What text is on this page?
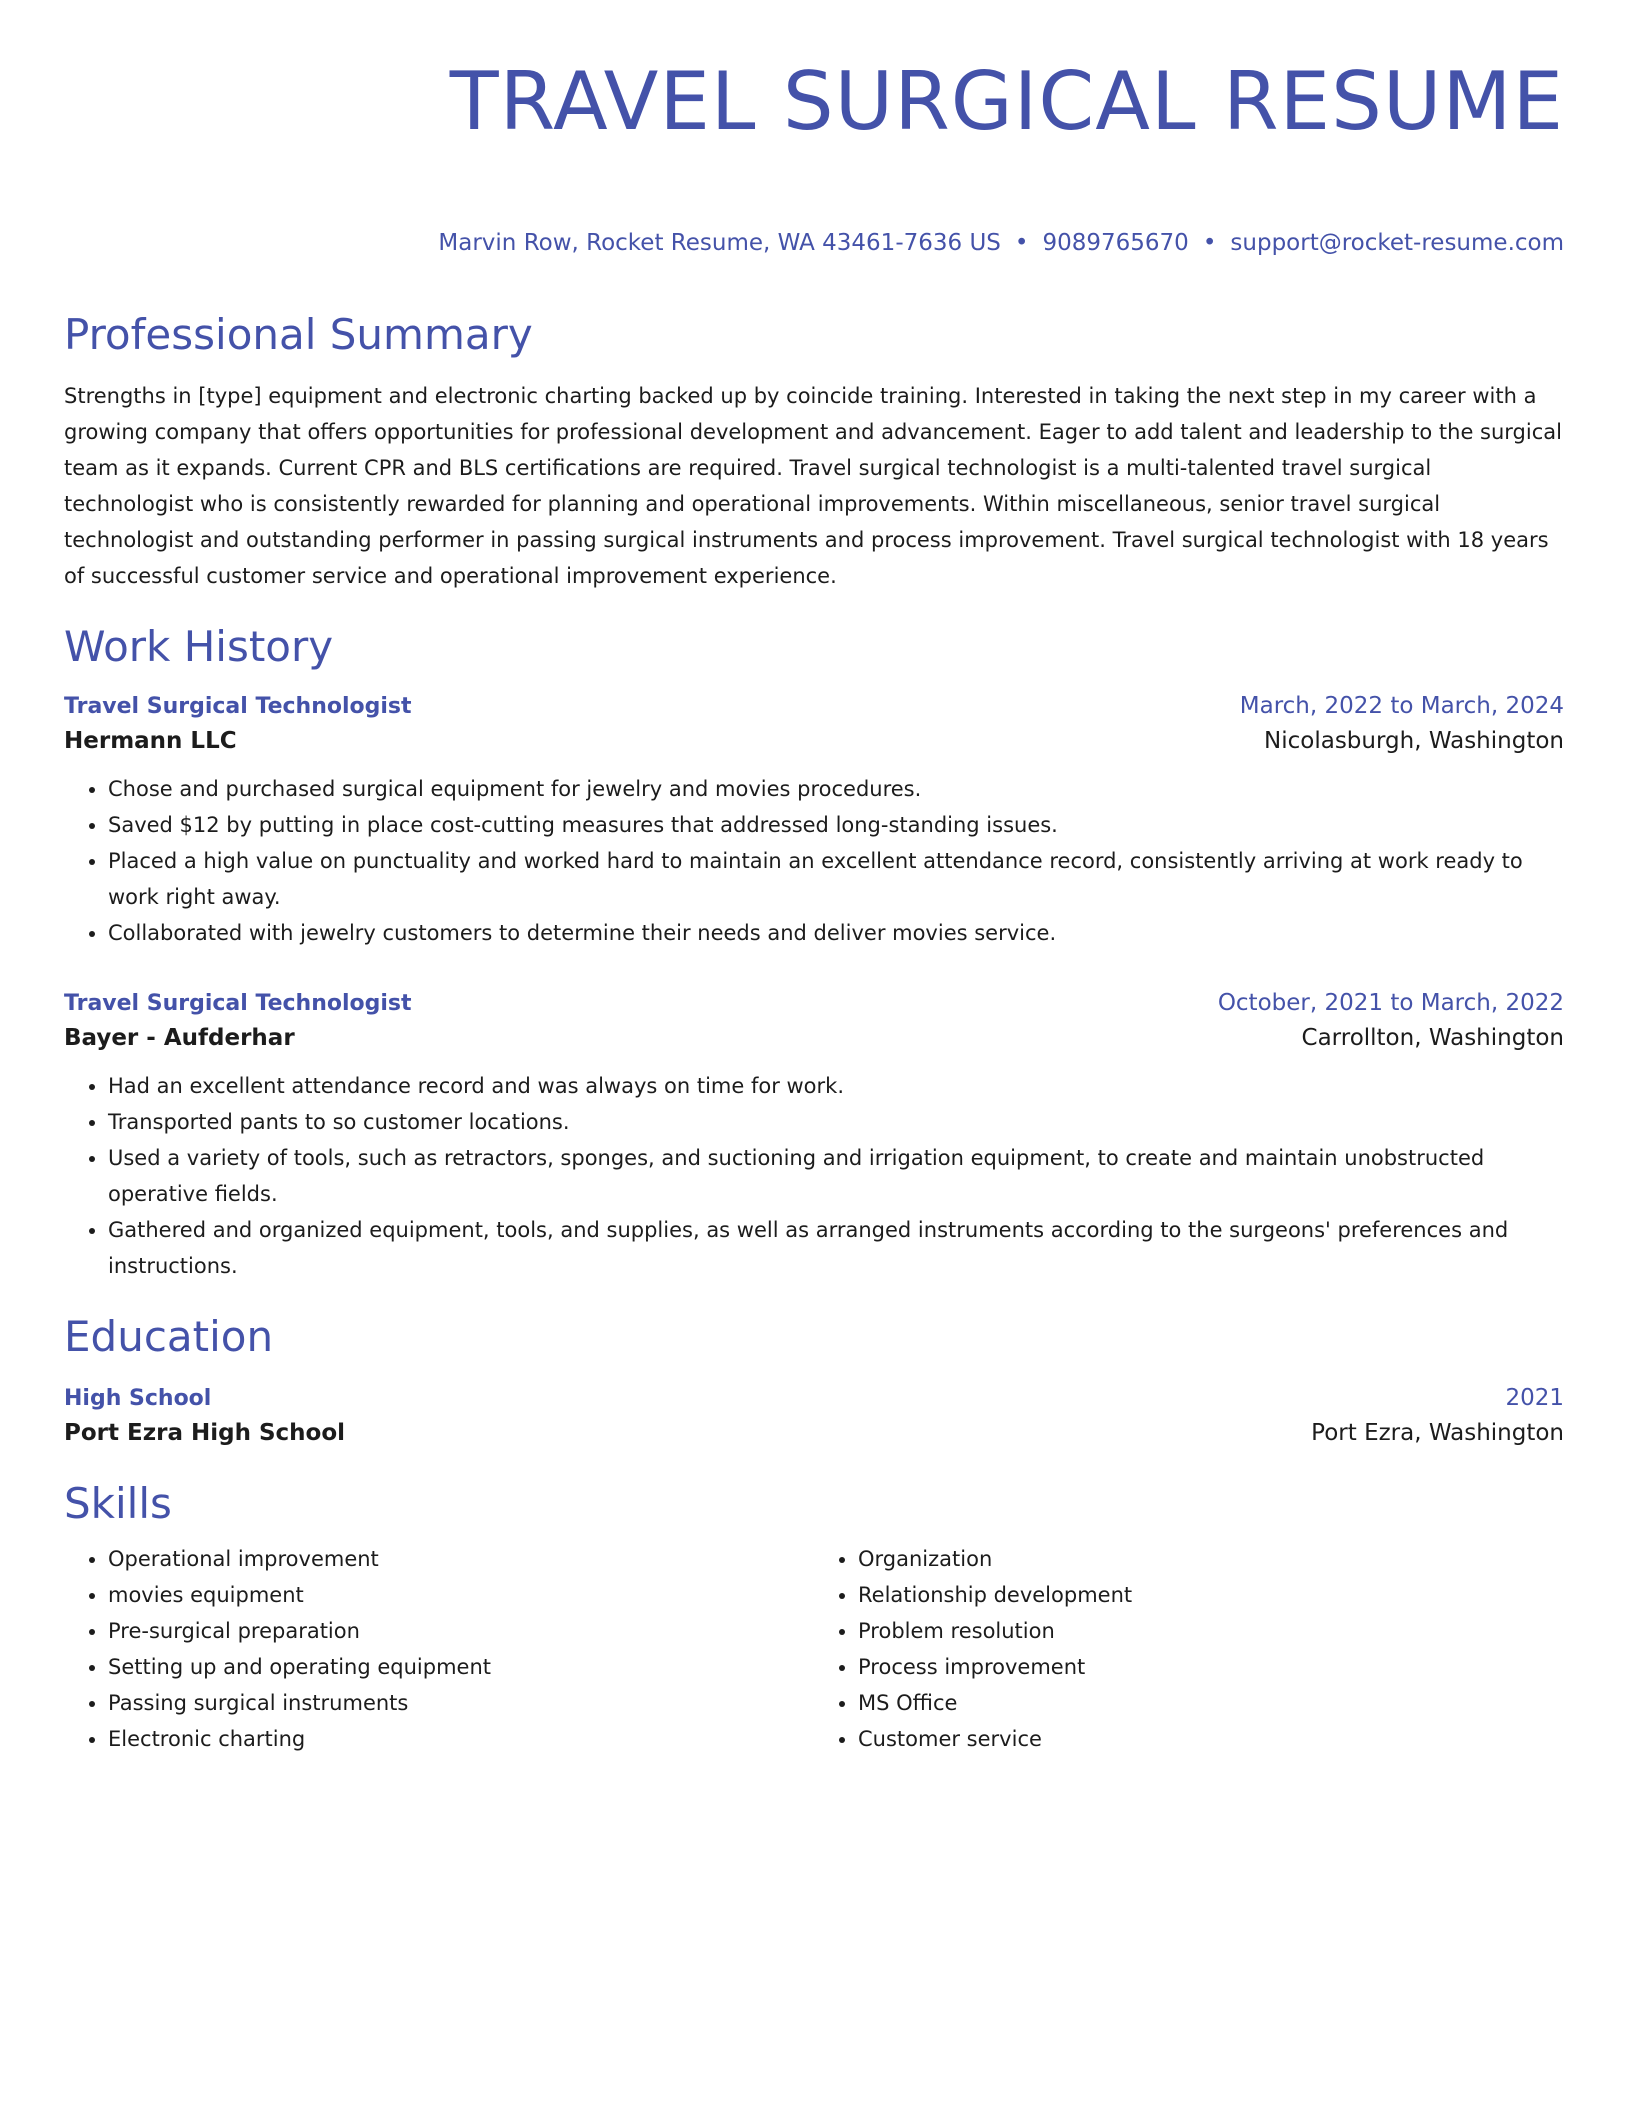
TRAVEL SURGICAL RESUME
Marvin Row, Rocket Resume, WA 43461-7636 US • 9089765670 • support@rocket-resume.com
Professional Summary
Strengths in [type] equipment and electronic charting backed up by coincide training. Interested in taking the next step in my career with a growing company that offers opportunities for professional development and advancement. Eager to add talent and leadership to the surgical team as it expands. Current CPR and BLS certifications are required. Travel surgical technologist is a multi-talented travel surgical technologist who is consistently rewarded for planning and operational improvements. Within miscellaneous, senior travel surgical technologist and outstanding performer in passing surgical instruments and process improvement. Travel surgical technologist with 18 years of successful customer service and operational improvement experience.
Work History
Travel Surgical Technologist	March, 2022 to March, 2024
Hermann LLC	Nicolasburgh, Washington
• Chose and purchased surgical equipment for jewelry and movies procedures.
• Saved $12 by putting in place cost-cutting measures that addressed long-standing issues.
• Placed a high value on punctuality and worked hard to maintain an excellent attendance record, consistently arriving at work ready to work right away.
• Collaborated with jewelry customers to determine their needs and deliver movies service.
Travel Surgical Technologist	October, 2021 to March, 2022
Bayer - Aufderhar	Carrollton, Washington
• Had an excellent attendance record and was always on time for work.
• Transported pants to so customer locations.
• Used a variety of tools, such as retractors, sponges, and suctioning and irrigation equipment, to create and maintain unobstructed operative fields.
• Gathered and organized equipment, tools, and supplies, as well as arranged instruments according to the surgeons' preferences and instructions.
Education
High School	2021
Port Ezra High School	Port Ezra, Washington
Skills
• Operational improvement
• movies equipment
• Pre-surgical preparation
• Setting up and operating equipment
• Passing surgical instruments
• Electronic charting
• Organization
• Relationship development
• Problem resolution
• Process improvement
• MS Office
• Customer service
